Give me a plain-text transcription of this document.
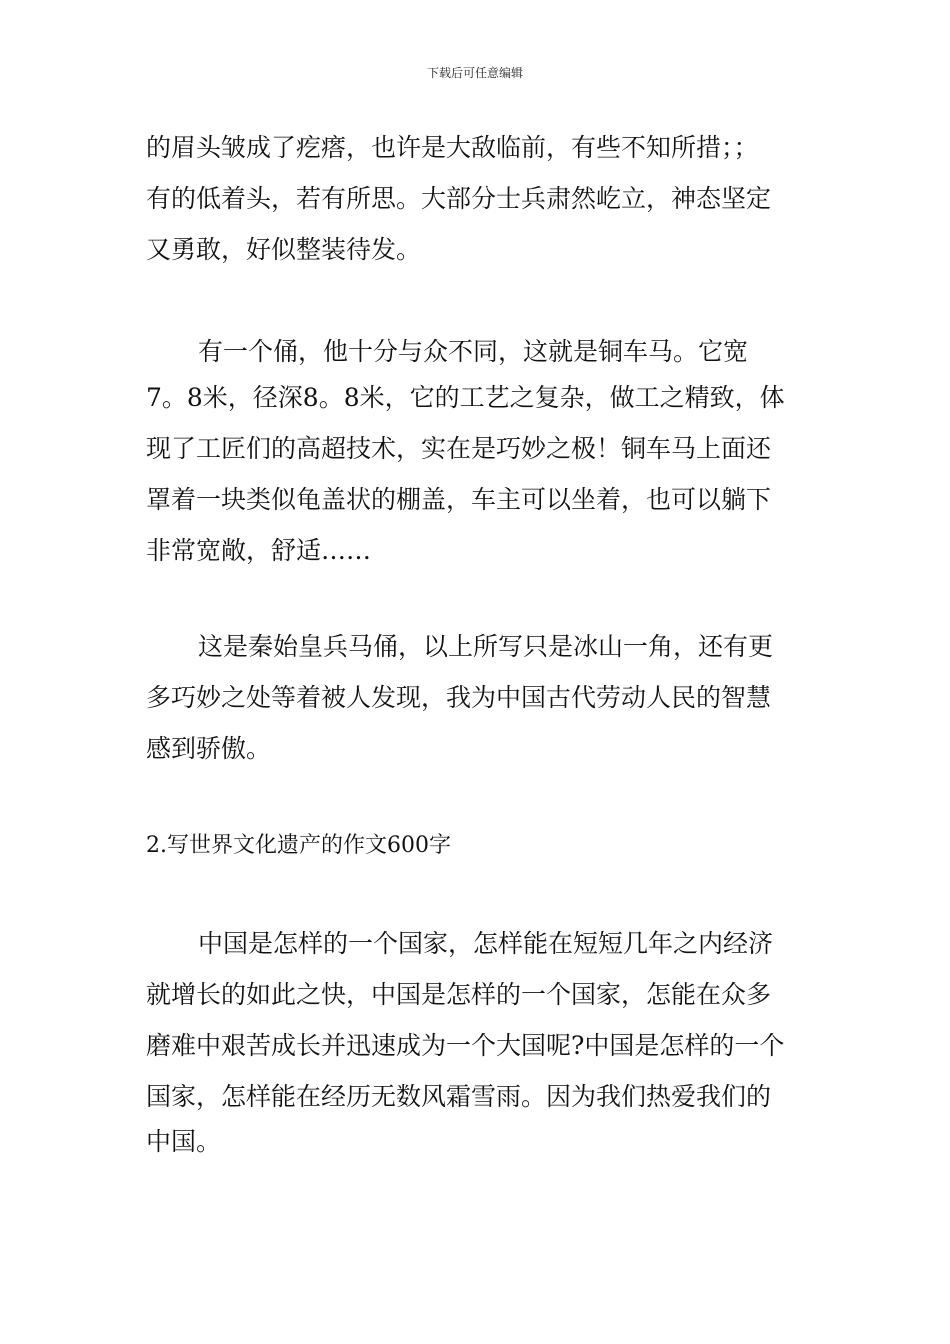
下载后可任意编辑
的眉头皱成了疙瘩，也许是大敌临前，有些不知所措；；
有的低着头，若有所思。大部分士兵肃然屹立，神态坚定
又勇敢，好似整装待发。
有一个俑，他十分与众不同，这就是铜车马。它宽
7。8米，径深8。8米，它的工艺之复杂，做工之精致，体
现了工匠们的高超技术，实在是巧妙之极！铜车马上面还
罩着一块类似龟盖状的棚盖，车主可以坐着，也可以躺下
非常宽敞，舒适……
这是秦始皇兵马俑，以上所写只是冰山一角，还有更
多巧妙之处等着被人发现，我为中国古代劳动人民的智慧
感到骄傲。
2.写世界文化遗产的作文600字
中国是怎样的一个国家，怎样能在短短几年之内经济
就增长的如此之快，中国是怎样的一个国家，怎能在众多
磨难中艰苦成长并迅速成为一个大国呢?中国是怎样的一个
国家，怎样能在经历无数风霜雪雨。因为我们热爱我们的
中国。
